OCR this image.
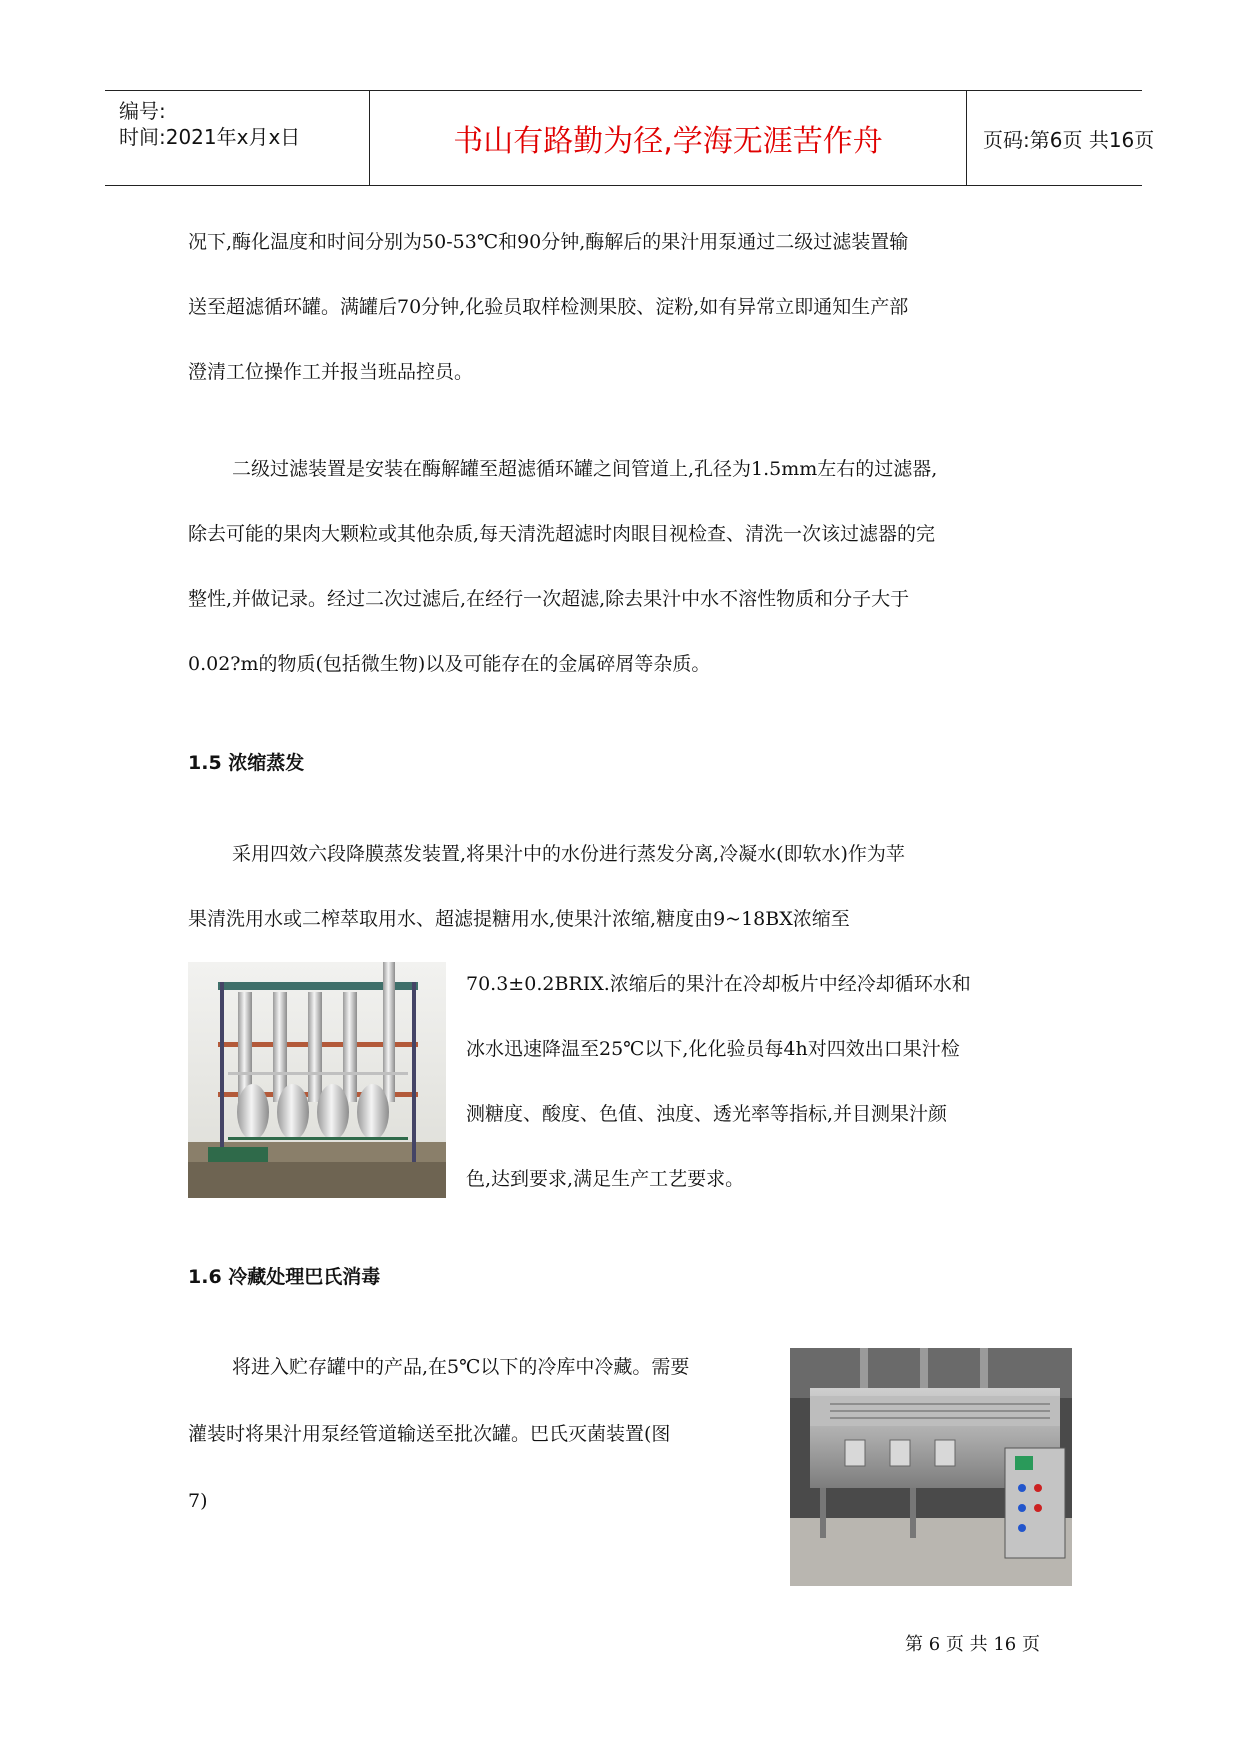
编号:
时间:2021年x月x日	书山有路勤为径,学海无涯苦作舟	页码:第6页 共16页
况下,酶化温度和时间分别为50-53℃和90分钟,酶解后的果汁用泵通过二级过滤装置输
送至超滤循环罐。满罐后70分钟,化验员取样检测果胶、淀粉,如有异常立即通知生产部
澄清工位操作工并报当班品控员。
二级过滤装置是安装在酶解罐至超滤循环罐之间管道上,孔径为1.5mm左右的过滤器,
除去可能的果肉大颗粒或其他杂质,每天清洗超滤时肉眼目视检查、清洗一次该过滤器的完
整性,并做记录。经过二次过滤后,在经行一次超滤,除去果汁中水不溶性物质和分子大于
0.02?m的物质(包括微生物)以及可能存在的金属碎屑等杂质。
1.5 浓缩蒸发
采用四效六段降膜蒸发装置,将果汁中的水份进行蒸发分离,冷凝水(即软水)作为苹
果清洗用水或二榨萃取用水、超滤提糖用水,使果汁浓缩,糖度由9~18BX浓缩至
70.3±0.2BRIX.浓缩后的果汁在冷却板片中经冷却循环水和
冰水迅速降温至25℃以下,化化验员每4h对四效出口果汁检
测糖度、酸度、色值、浊度、透光率等指标,并目测果汁颜
色,达到要求,满足生产工艺要求。
1.6 冷藏处理巴氏消毒
将进入贮存罐中的产品,在5℃以下的冷库中冷藏。需要
灌装时将果汁用泵经管道输送至批次罐。巴氏灭菌装置(图
7)
第 6 页 共 16 页
